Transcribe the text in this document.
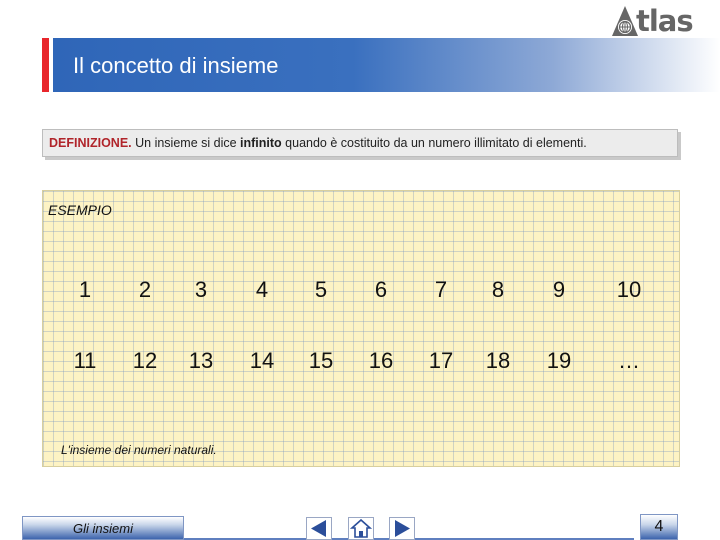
tlas
Il concetto di insieme
DEFINIZIONE. Un insieme si dice infinito quando è costituito da un numero illimitato di elementi.
ESEMPIO
1	2	3	4	5	6	7	8	9	10
11	12	13	14	15	16	17	18	19	…
L'insieme dei numeri naturali.
Gli insiemi	4
